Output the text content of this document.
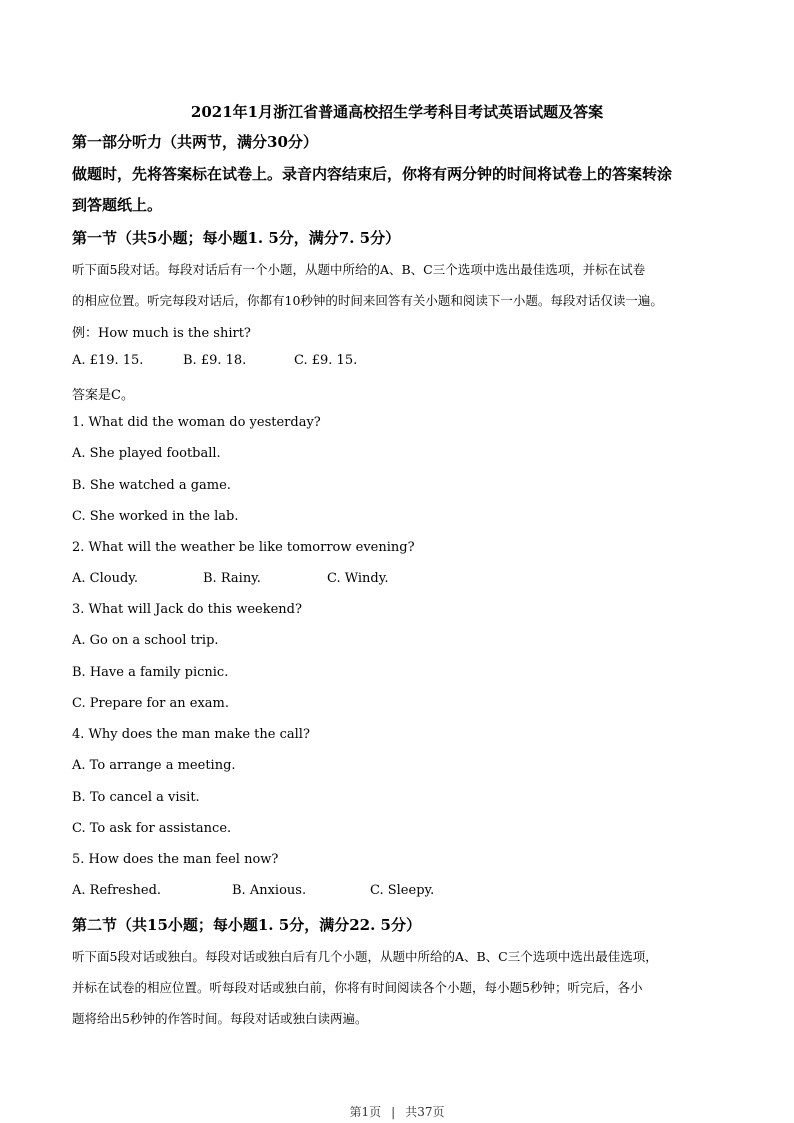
2021年1月浙江省普通高校招生学考科目考试英语试题及答案
第一部分听力（共两节，满分30分）
做题时，先将答案标在试卷上。录音内容结束后，你将有两分钟的时间将试卷上的答案转涂
到答题纸上。
第一节（共5小题；每小题1. 5分，满分7. 5分）
听下面5段对话。每段对话后有一个小题，从题中所给的A、B、C三个选项中选出最佳选项，并标在试卷
的相应位置。听完每段对话后，你都有10秒钟的时间来回答有关小题和阅读下一小题。每段对话仅读一遍。
例：How much is the shirt?
A. £19. 15.	B. £9. 18.	C. £9. 15.
答案是C。
1. What did the woman do yesterday?
A. She played football.
B. She watched a game.
C. She worked in the lab.
2. What will the weather be like tomorrow evening?
A. Cloudy.	B. Rainy.	C. Windy.
3. What will Jack do this weekend?
A. Go on a school trip.
B. Have a family picnic.
C. Prepare for an exam.
4. Why does the man make the call?
A. To arrange a meeting.
B. To cancel a visit.
C. To ask for assistance.
5. How does the man feel now?
A. Refreshed.	B. Anxious.	C. Sleepy.
第二节（共15小题；每小题1. 5分，满分22. 5分）
听下面5段对话或独白。每段对话或独白后有几个小题，从题中所给的A、B、C三个选项中选出最佳选项，
并标在试卷的相应位置。听每段对话或独白前，你将有时间阅读各个小题，每小题5秒钟；听完后，各小
题将给出5秒钟的作答时间。每段对话或独白读两遍。
第1页 | 共37页
